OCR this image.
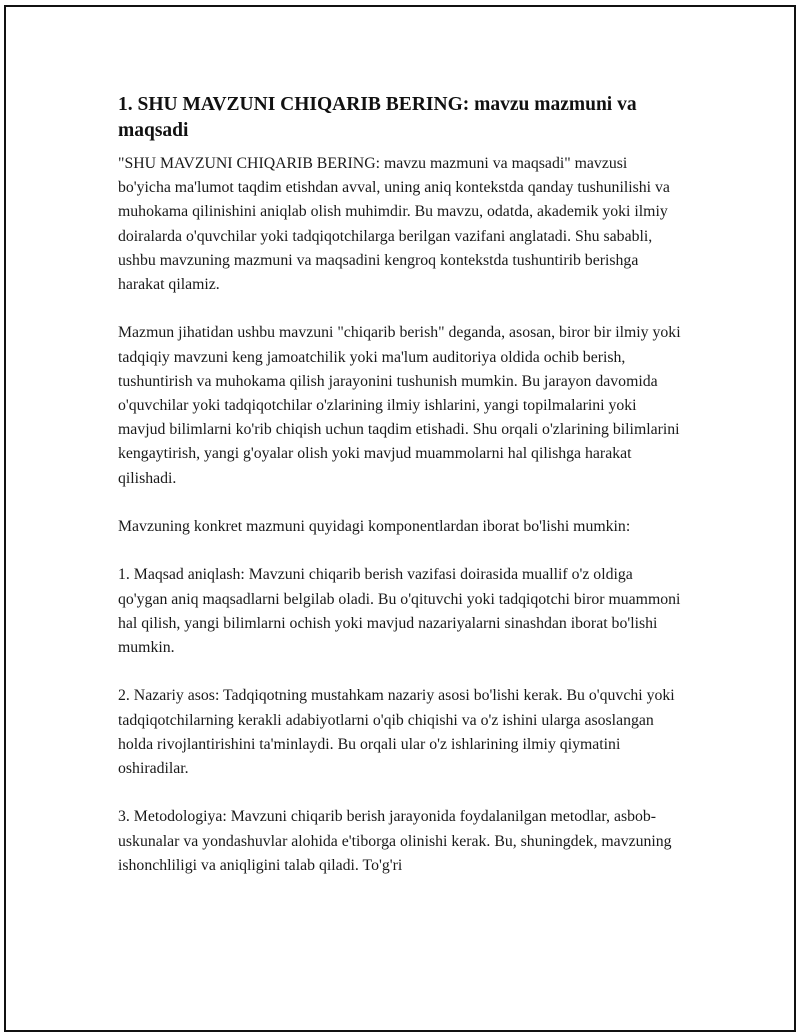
1. SHU MAVZUNI CHIQARIB BERING: mavzu mazmuni va maqsadi

"SHU MAVZUNI CHIQARIB BERING: mavzu mazmuni va maqsadi" mavzusi bo'yicha ma'lumot taqdim etishdan avval, uning aniq kontekstda qanday tushunilishi va muhokama qilinishini aniqlab olish muhimdir. Bu mavzu, odatda, akademik yoki ilmiy doiralarda o'quvchilar yoki tadqiqotchilarga berilgan vazifani anglatadi. Shu sababli, ushbu mavzuning mazmuni va maqsadini kengroq kontekstda tushuntirib berishga harakat qilamiz.

Mazmun jihatidan ushbu mavzuni "chiqarib berish" deganda, asosan, biror bir ilmiy yoki tadqiqiy mavzuni keng jamoatchilik yoki ma'lum auditoriya oldida ochib berish, tushuntirish va muhokama qilish jarayonini tushunish mumkin. Bu jarayon davomida o'quvchilar yoki tadqiqotchilar o'zlarining ilmiy ishlarini, yangi topilmalarini yoki mavjud bilimlarni ko'rib chiqish uchun taqdim etishadi. Shu orqali o'zlarining bilimlarini kengaytirish, yangi g'oyalar olish yoki mavjud muammolarni hal qilishga harakat qilishadi.

Mavzuning konkret mazmuni quyidagi komponentlardan iborat bo'lishi mumkin:

1. Maqsad aniqlash: Mavzuni chiqarib berish vazifasi doirasida muallif o'z oldiga qo'ygan aniq maqsadlarni belgilab oladi. Bu o'qituvchi yoki tadqiqotchi biror muammoni hal qilish, yangi bilimlarni ochish yoki mavjud nazariyalarni sinashdan iborat bo'lishi mumkin.

2. Nazariy asos: Tadqiqotning mustahkam nazariy asosi bo'lishi kerak. Bu o'quvchi yoki tadqiqotchilarning kerakli adabiyotlarni o'qib chiqishi va o'z ishini ularga asoslangan holda rivojlantirishini ta'minlaydi. Bu orqali ular o'z ishlarining ilmiy qiymatini oshiradilar.

3. Metodologiya: Mavzuni chiqarib berish jarayonida foydalanilgan metodlar, asbob-uskunalar va yondashuvlar alohida e'tiborga olinishi kerak. Bu, shuningdek, mavzuning ishonchliligi va aniqligini talab qiladi. To'g'ri
